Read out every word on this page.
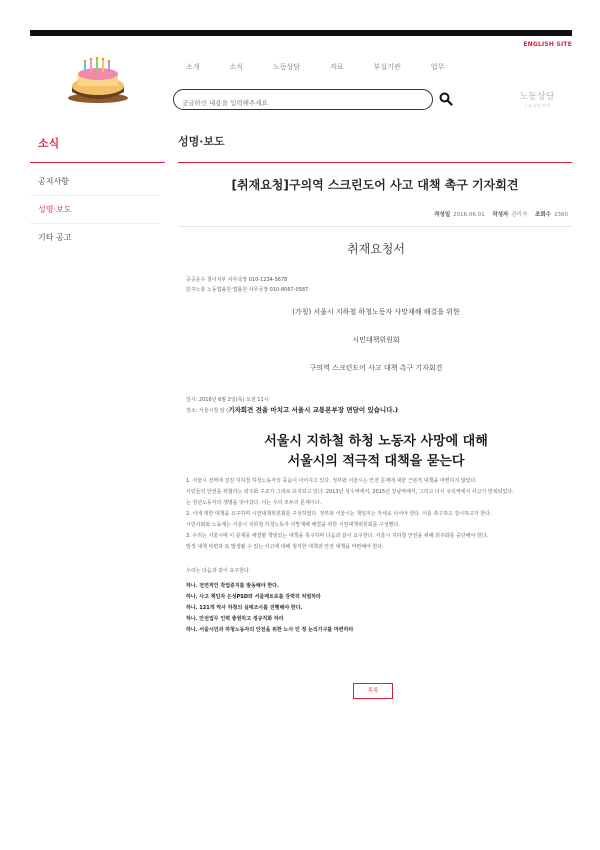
ENGLISH SITE
소개	소식	노동상담	자료	부설기관	업무
궁금하신 내용을 입력해주세요
노동상담
무료 상담 안내
소식
공지사항
성명·보도
기타 공고
성명·보도
[취재요청]구의역 스크린도어 사고 대책 촉구 기자회견
작성일 2016.06.01 작성자 관리자 조회수 2360
취재요청서
공공운수 철이지부 사무국장 010-1234-5678
민주노총 노동법률원 법률원 사무국장 010-8067-0587
(가칭) 서울시 지하철 하청노동자 사망재해 해결을 위한
시민대책위원회
구의역 스크린도어 사고 대책 촉구 기자회견
일시: 2016년 6월 2일(목) 오전 11시
장소: 서울시청 앞 (기자회견 전을 마치고 서울시 교통본부장 면담이 있습니다.)
서울시 지하철 하청 노동자 사망에 대해
서울시의 적극적 대책을 묻는다
1. 서울시 전역에 걸친 지하철 하청노동자의 죽음이 이어지고 있다. 정부와 서울시는 안전 문제에 대한 근본적 대책을 마련하지 않았다.
시민들의 안전을 위협하는 외주화 구조가 그대로 유지되고 있다. 2013년 성수역에서, 2015년 강남역에서, 그리고 다시 구의역에서 사고가 반복되었다.
는 청년노동자의 생명을 앗아갔다. 이는 우리 모두의 문제이다.
2. 이에 대한 대책을 요구하며 시민대책위원회를 구성하였다. 정부와 서울시는 책임지는 자세로 나서야 한다. 이를 촉구하고 감시하고자 한다.
시민사회와 노동계는 서울시 지하철 하청노동자 사망재해 해결을 위한 시민대책위원회를 구성했다.
3. 우리는 서울시에 이 문제를 해결할 책임있는 대책을 촉구하며 다음과 같이 요구한다. 서울시 지하철 안전을 위해 외주화를 중단해야 한다.
발생 대책 마련과 또 발생될 수 있는 사고에 대해 철저한 대책과 안전 대책을 마련해야 한다.
우리는 다음과 같이 요구한다.
하나. 전면적인 작업중지를 발동해야 한다.
하나. 사고 책임자 은성PSD와 서울메트로를 강력히 처벌하라
하나. 121개 역사 하청의 실태조사를 진행해야 한다.
하나. 안전업무 인력 충원하고 정규직화 하라
하나. 서울시민과 하청노동자의 안전을 위한 노사 민 정 논의기구를 마련하라
목록
